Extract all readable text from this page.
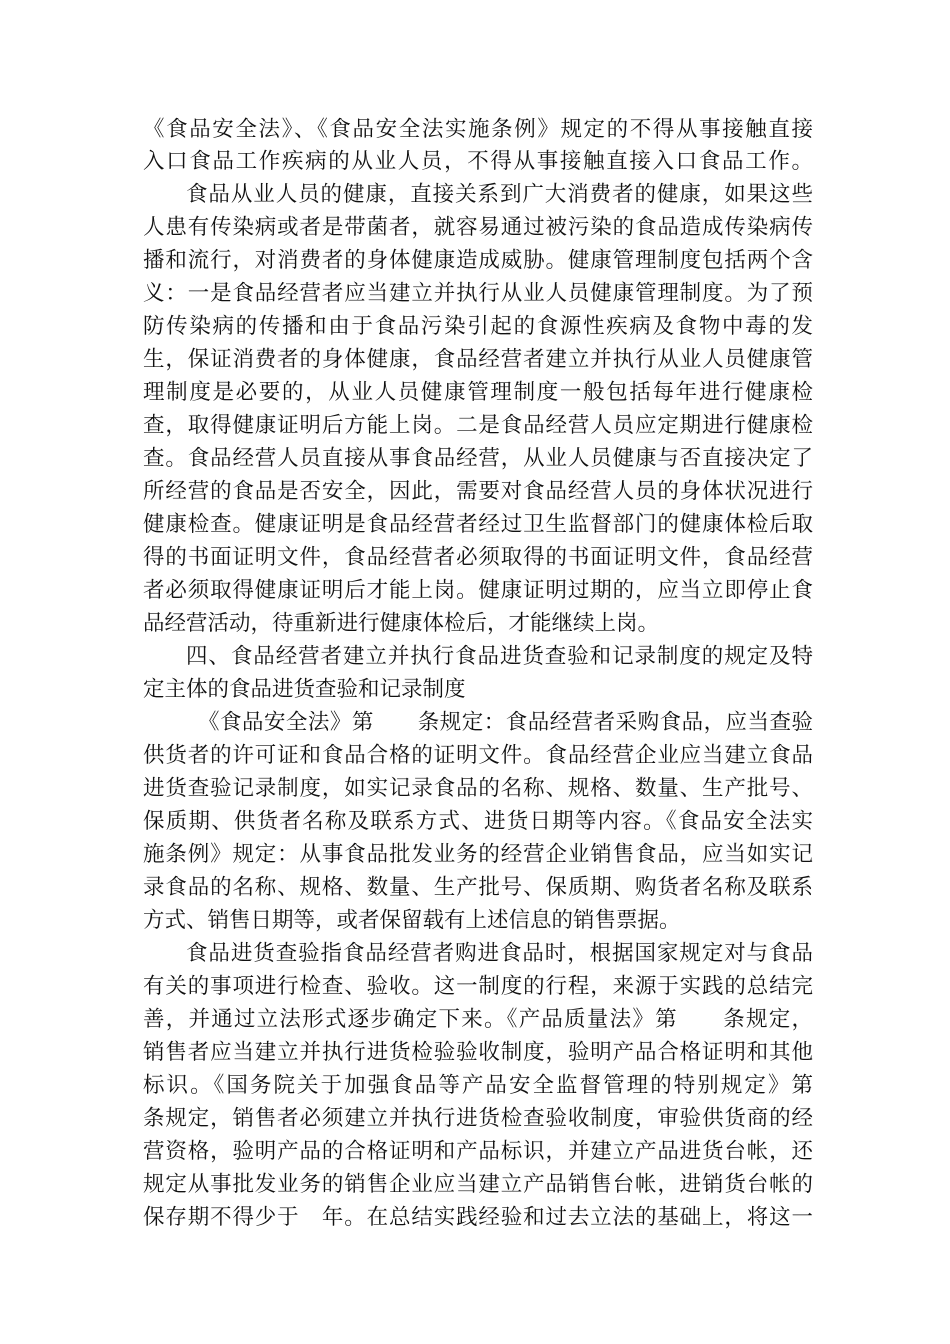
《食品安全法》、《食品安全法实施条例》规定的不得从事接触直接
入口食品工作疾病的从业人员，不得从事接触直接入口食品工作。
食品从业人员的健康，直接关系到广大消费者的健康，如果这些
人患有传染病或者是带菌者，就容易通过被污染的食品造成传染病传
播和流行，对消费者的身体健康造成威胁。健康管理制度包括两个含
义：一是食品经营者应当建立并执行从业人员健康管理制度。为了预
防传染病的传播和由于食品污染引起的食源性疾病及食物中毒的发
生，保证消费者的身体健康，食品经营者建立并执行从业人员健康管
理制度是必要的，从业人员健康管理制度一般包括每年进行健康检
查，取得健康证明后方能上岗。二是食品经营人员应定期进行健康检
查。食品经营人员直接从事食品经营，从业人员健康与否直接决定了
所经营的食品是否安全，因此，需要对食品经营人员的身体状况进行
健康检查。健康证明是食品经营者经过卫生监督部门的健康体检后取
得的书面证明文件，食品经营者必须取得的书面证明文件，食品经营
者必须取得健康证明后才能上岗。健康证明过期的，应当立即停止食
品经营活动，待重新进行健康体检后，才能继续上岗。
四、食品经营者建立并执行食品进货查验和记录制度的规定及特
定主体的食品进货查验和记录制度
《食品安全法》第　　条规定：食品经营者采购食品，应当查验
供货者的许可证和食品合格的证明文件。食品经营企业应当建立食品
进货查验记录制度，如实记录食品的名称、规格、数量、生产批号、
保质期、供货者名称及联系方式、进货日期等内容。《食品安全法实
施条例》规定：从事食品批发业务的经营企业销售食品，应当如实记
录食品的名称、规格、数量、生产批号、保质期、购货者名称及联系
方式、销售日期等，或者保留载有上述信息的销售票据。
食品进货查验指食品经营者购进食品时，根据国家规定对与食品
有关的事项进行检查、验收。这一制度的行程，来源于实践的总结完
善，并通过立法形式逐步确定下来。《产品质量法》第　　条规定，
销售者应当建立并执行进货检验验收制度，验明产品合格证明和其他
标识。《国务院关于加强食品等产品安全监督管理的特别规定》第
条规定，销售者必须建立并执行进货检查验收制度，审验供货商的经
营资格，验明产品的合格证明和产品标识，并建立产品进货台帐，还
规定从事批发业务的销售企业应当建立产品销售台帐，进销货台帐的
保存期不得少于　年。在总结实践经验和过去立法的基础上，将这一
